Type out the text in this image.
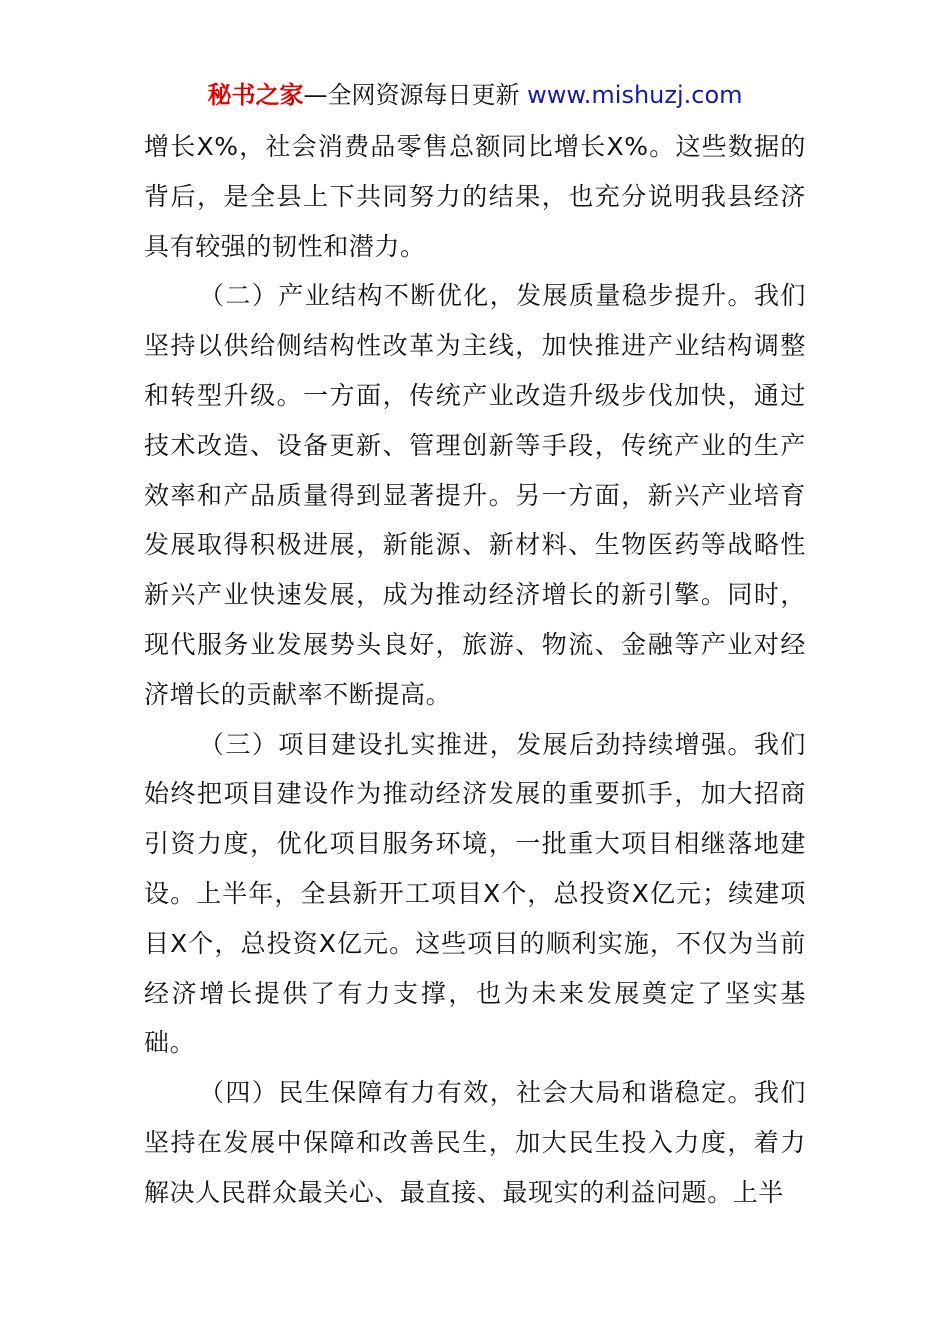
秘书之家—全网资源每日更新 www.mishuzj.com

增长X%，社会消费品零售总额同比增长X%。这些数据的背后，是全县上下共同努力的结果，也充分说明我县经济具有较强的韧性和潜力。

（二）产业结构不断优化，发展质量稳步提升。我们坚持以供给侧结构性改革为主线，加快推进产业结构调整和转型升级。一方面，传统产业改造升级步伐加快，通过技术改造、设备更新、管理创新等手段，传统产业的生产效率和产品质量得到显著提升。另一方面，新兴产业培育发展取得积极进展，新能源、新材料、生物医药等战略性新兴产业快速发展，成为推动经济增长的新引擎。同时，现代服务业发展势头良好，旅游、物流、金融等产业对经济增长的贡献率不断提高。

（三）项目建设扎实推进，发展后劲持续增强。我们始终把项目建设作为推动经济发展的重要抓手，加大招商引资力度，优化项目服务环境，一批重大项目相继落地建设。上半年，全县新开工项目X个，总投资X亿元；续建项目X个，总投资X亿元。这些项目的顺利实施，不仅为当前经济增长提供了有力支撑，也为未来发展奠定了坚实基础。

（四）民生保障有力有效，社会大局和谐稳定。我们坚持在发展中保障和改善民生，加大民生投入力度，着力解决人民群众最关心、最直接、最现实的利益问题。上半
